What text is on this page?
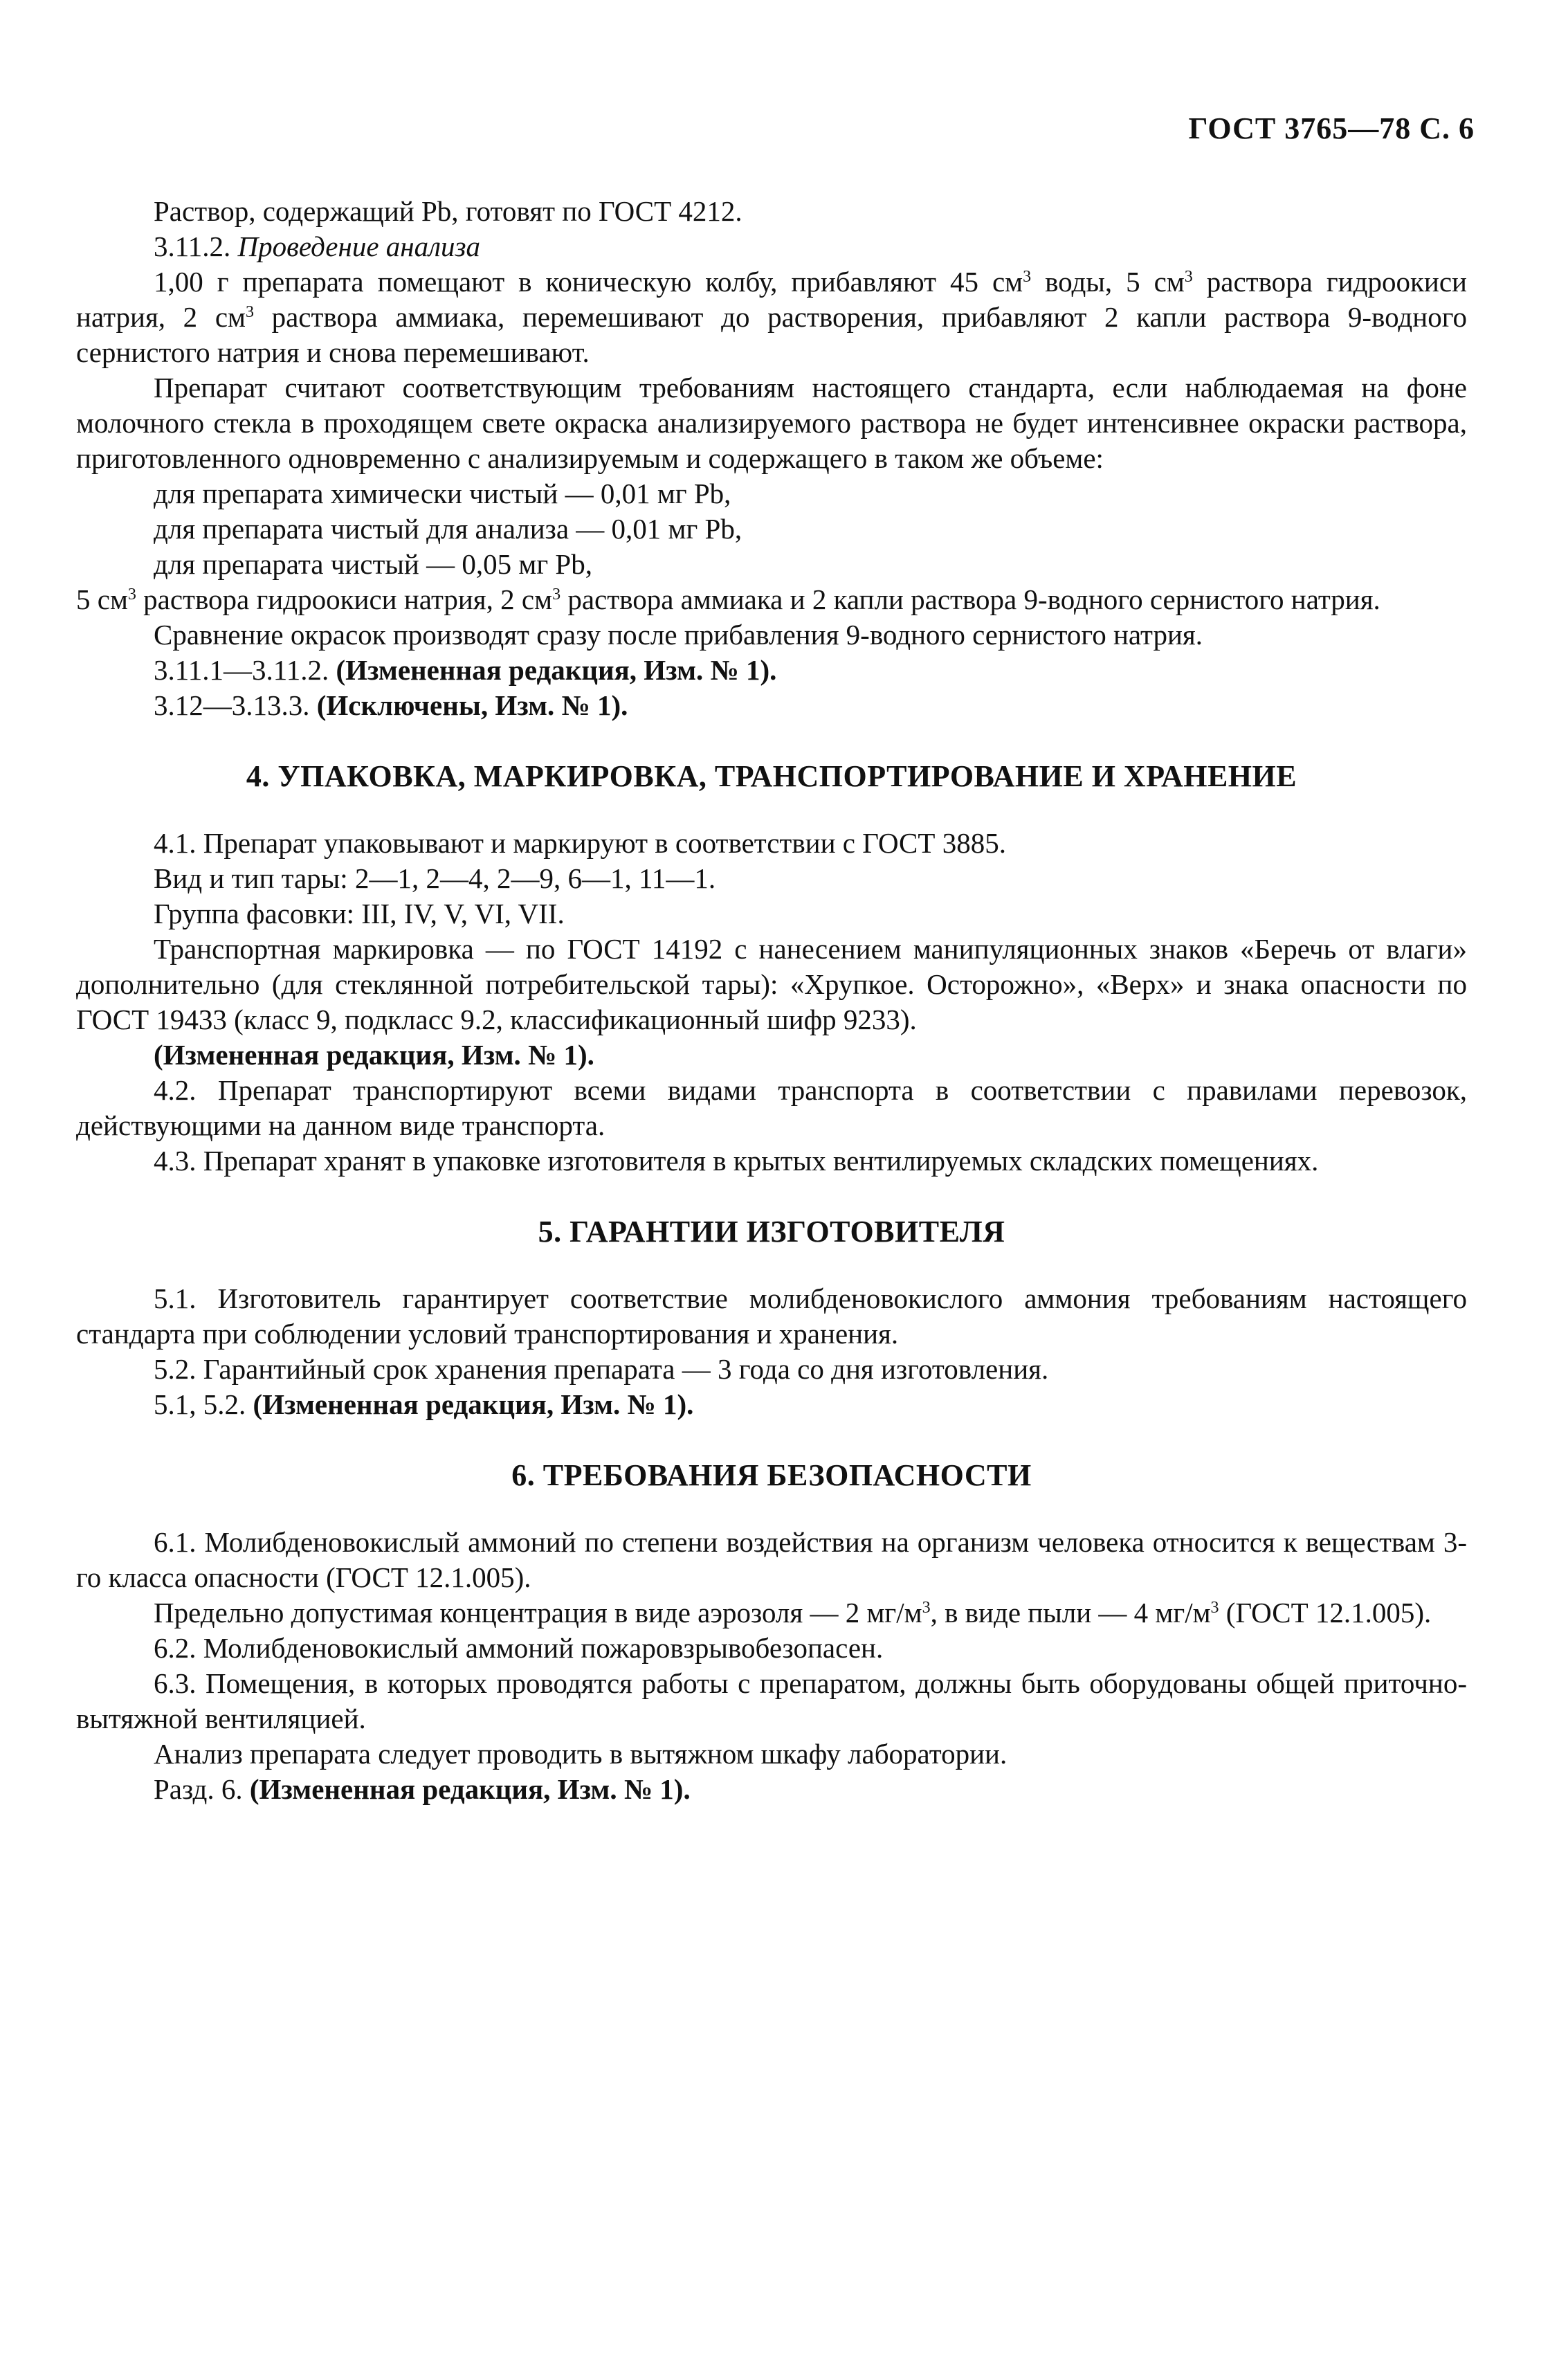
ГОСТ 3765—78 С. 6

Раствор, содержащий Pb, готовят по ГОСТ 4212.

3.11.2. Проведение анализа

1,00 г препарата помещают в коническую колбу, прибавляют 45 $см^3$ воды, 5 $см^3$ раствора гидроокиси натрия, 2 $см^3$ раствора аммиака, перемешивают до растворения, прибавляют 2 капли раствора 9-водного сернистого натрия и снова перемешивают.

Препарат считают соответствующим требованиям настоящего стандарта, если наблюдаемая на фоне молочного стекла в проходящем свете окраска анализируемого раствора не будет интенсивнее окраски раствора, приготовленного одновременно с анализируемым и содержащего в таком же объеме:

для препарата химически чистый — 0,01 мг Pb,

для препарата чистый для анализа — 0,01 мг Pb,

для препарата чистый — 0,05 мг Pb,

5 $см^3$ раствора гидроокиси натрия, 2 $см^3$ раствора аммиака и 2 капли раствора 9-водного сернистого натрия.

Сравнение окрасок производят сразу после прибавления 9-водного сернистого натрия.

3.11.1—3.11.2. (Измененная редакция, Изм. № 1).

3.12—3.13.3. (Исключены, Изм. № 1).

4. УПАКОВКА, МАРКИРОВКА, ТРАНСПОРТИРОВАНИЕ И ХРАНЕНИЕ

4.1. Препарат упаковывают и маркируют в соответствии с ГОСТ 3885.

Вид и тип тары: 2—1, 2—4, 2—9, 6—1, 11—1.

Группа фасовки: III, IV, V, VI, VII.

Транспортная маркировка — по ГОСТ 14192 с нанесением манипуляционных знаков «Беречь от влаги» дополнительно (для стеклянной потребительской тары): «Хрупкое. Осторожно», «Верх» и знака опасности по ГОСТ 19433 (класс 9, подкласс 9.2, классификационный шифр 9233).

(Измененная редакция, Изм. № 1).

4.2. Препарат транспортируют всеми видами транспорта в соответствии с правилами перевозок, действующими на данном виде транспорта.

4.3. Препарат хранят в упаковке изготовителя в крытых вентилируемых складских помещениях.

5. ГАРАНТИИ ИЗГОТОВИТЕЛЯ

5.1. Изготовитель гарантирует соответствие молибденовокислого аммония требованиям настоящего стандарта при соблюдении условий транспортирования и хранения.

5.2. Гарантийный срок хранения препарата — 3 года со дня изготовления.

5.1, 5.2. (Измененная редакция, Изм. № 1).

6. ТРЕБОВАНИЯ БЕЗОПАСНОСТИ

6.1. Молибденовокислый аммоний по степени воздействия на организм человека относится к веществам 3-го класса опасности (ГОСТ 12.1.005).

Предельно допустимая концентрация в виде аэрозоля — 2 $мг/м^3$, в виде пыли — 4 $мг/м^3$ (ГОСТ 12.1.005).

6.2. Молибденовокислый аммоний пожаровзрывобезопасен.

6.3. Помещения, в которых проводятся работы с препаратом, должны быть оборудованы общей приточно-вытяжной вентиляцией.

Анализ препарата следует проводить в вытяжном шкафу лаборатории.

Разд. 6. (Измененная редакция, Изм. № 1).
